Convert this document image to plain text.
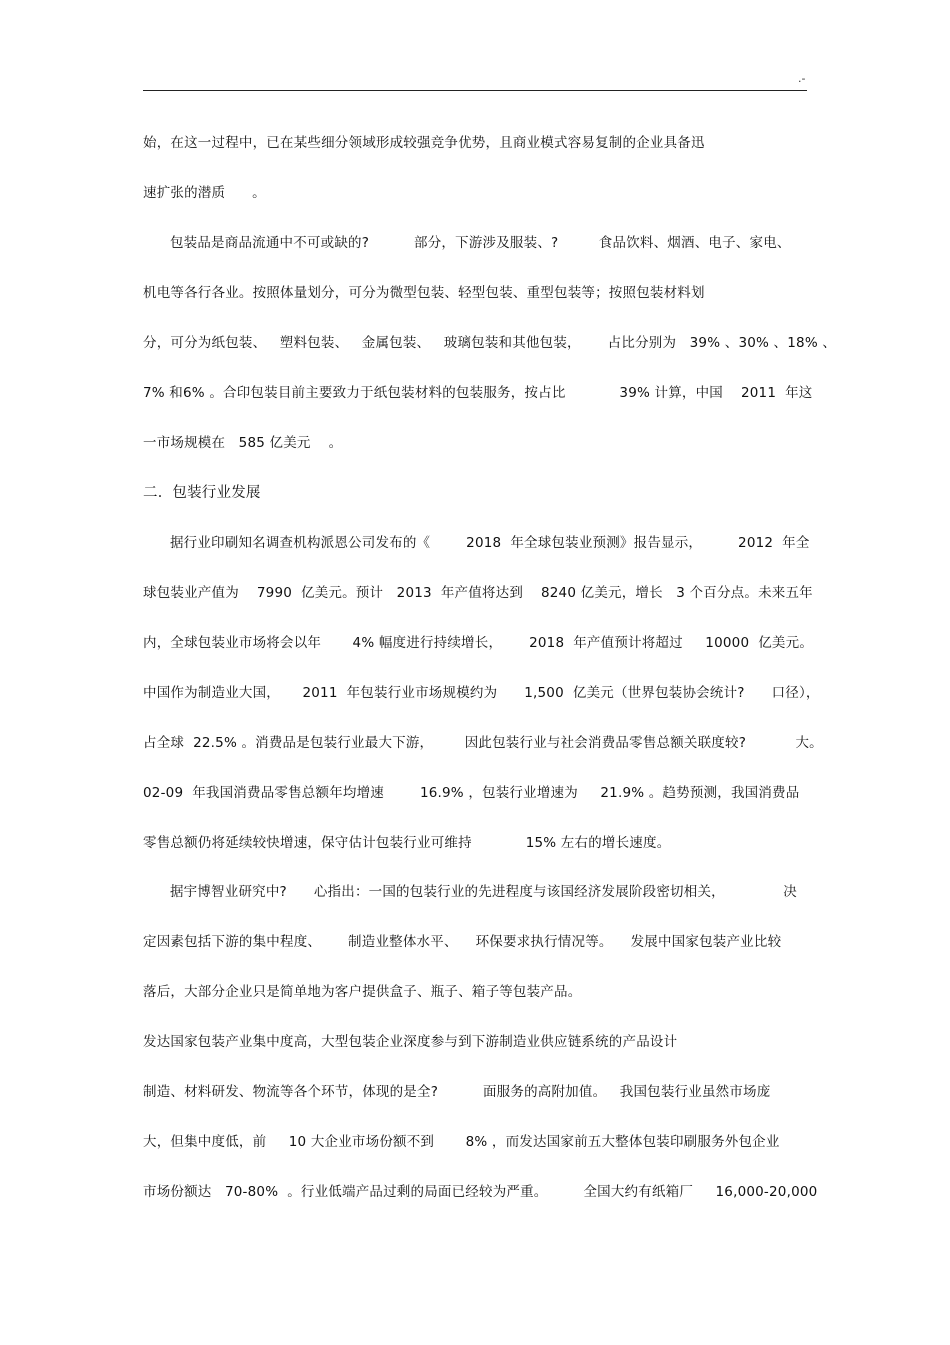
.-
始，在这一过程中，已在某些细分领域形成较强竞争优势，且商业模式容易复制的企业具备迅
速扩张的潜质      。
包装品是商品流通中不可或缺的?          部分，下游涉及服装、?         食品饮料、烟酒、电子、家电、
机电等各行各业。按照体量划分，可分为微型包装、轻型包装、重型包装等；按照包装材料划
分，可分为纸包装、   塑料包装、   金属包装、   玻璃包装和其他包装，      占比分别为   39% 、30% 、18% 、
7% 和6% 。合印包装目前主要致力于纸包装材料的包装服务，按占比            39% 计算，中国    2011  年这
一市场规模在   585 亿美元    。
二．包装行业发展
据行业印刷知名调查机构派恩公司发布的《        2018  年全球包装业预测》报告显示，        2012  年全
球包装业产值为    7990  亿美元。预计   2013  年产值将达到    8240 亿美元，增长   3 个百分点。未来五年
内，全球包装业市场将会以年       4% 幅度进行持续增长，      2018  年产值预计将超过     10000  亿美元。
中国作为制造业大国，     2011  年包装行业市场规模约为      1,500  亿美元（世界包装协会统计?      口径），
占全球  22.5% 。消费品是包装行业最大下游，       因此包装行业与社会消费品零售总额关联度较?           大。
02-09  年我国消费品零售总额年均增速        16.9% ，包装行业增速为     21.9% 。趋势预测，我国消费品
零售总额仍将延续较快增速，保守估计包装行业可维持            15% 左右的增长速度。
据宇博智业研究中?      心指出：一国的包装行业的先进程度与该国经济发展阶段密切相关，             决
定因素包括下游的集中程度、      制造业整体水平、    环保要求执行情况等。    发展中国家包装产业比较
落后，大部分企业只是简单地为客户提供盒子、瓶子、箱子等包装产品。
发达国家包装产业集中度高，大型包装企业深度参与到下游制造业供应链系统的产品设计
制造、材料研发、物流等各个环节，体现的是全?          面服务的高附加值。   我国包装行业虽然市场庞
大，但集中度低，前     10 大企业市场份额不到       8% ，而发达国家前五大整体包装印刷服务外包企业
市场份额达   70-80%  。行业低端产品过剩的局面已经较为严重。        全国大约有纸箱厂     16,000-20,000
